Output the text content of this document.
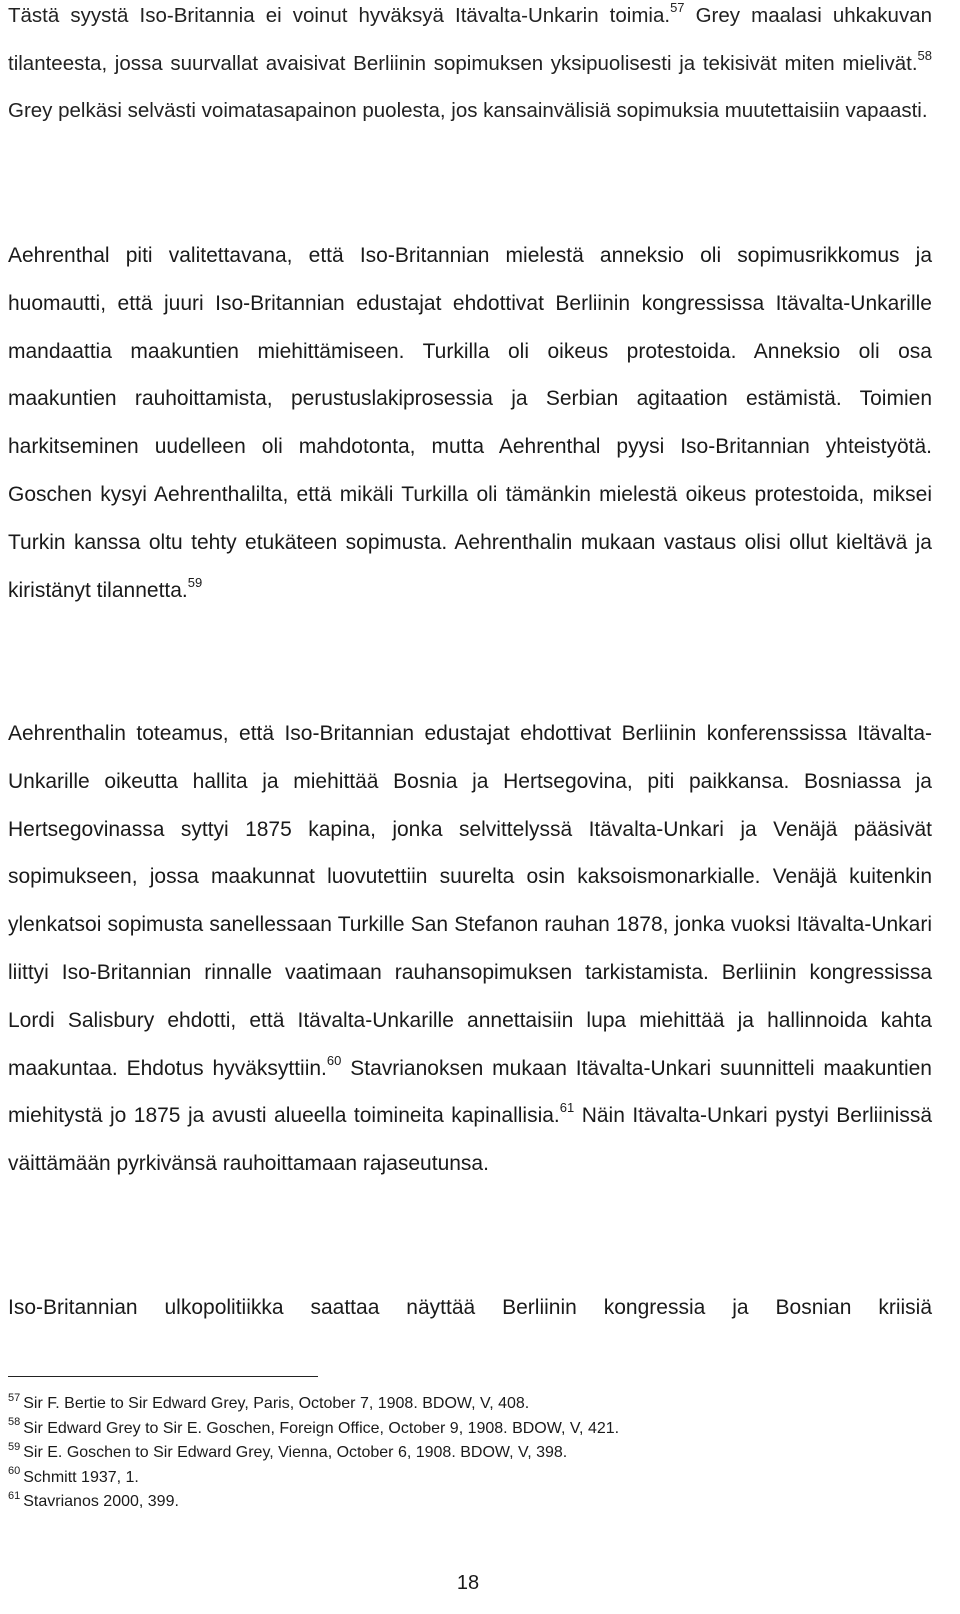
Tästä syystä Iso-Britannia ei voinut hyväksyä Itävalta-Unkarin toimia.$^{57}$ Grey maalasi uhkakuvan tilanteesta, jossa suurvallat avaisivat Berliinin sopimuksen yksipuolisesti ja tekisivät miten mielivät.$^{58}$ Grey pelkäsi selvästi voimatasapainon puolesta, jos kansainvälisiä sopimuksia muutettaisiin vapaasti.

Aehrenthal piti valitettavana, että Iso-Britannian mielestä anneksio oli sopimusrikkomus ja huomautti, että juuri Iso-Britannian edustajat ehdottivat Berliinin kongressissa Itävalta-Unkarille mandaattia maakuntien miehittämiseen. Turkilla oli oikeus protestoida. Anneksio oli osa maakuntien rauhoittamista, perustuslakiprosessia ja Serbian agitaation estämistä. Toimien harkitseminen uudelleen oli mahdotonta, mutta Aehrenthal pyysi Iso-Britannian yhteistyötä. Goschen kysyi Aehrenthalilta, että mikäli Turkilla oli tämänkin mielestä oikeus protestoida, miksei Turkin kanssa oltu tehty etukäteen sopimusta. Aehrenthalin mukaan vastaus olisi ollut kieltävä ja kiristänyt tilannetta.$^{59}$

Aehrenthalin toteamus, että Iso-Britannian edustajat ehdottivat Berliinin konferenssissa Itävalta-Unkarille oikeutta hallita ja miehittää Bosnia ja Hertsegovina, piti paikkansa. Bosniassa ja Hertsegovinassa syttyi 1875 kapina, jonka selvittelyssä Itävalta-Unkari ja Venäjä pääsivät sopimukseen, jossa maakunnat luovutettiin suurelta osin kaksoismonarkialle. Venäjä kuitenkin ylenkatsoi sopimusta sanellessaan Turkille San Stefanon rauhan 1878, jonka vuoksi Itävalta-Unkari liittyi Iso-Britannian rinnalle vaatimaan rauhansopimuksen tarkistamista. Berliinin kongressissa Lordi Salisbury ehdotti, että Itävalta-Unkarille annettaisiin lupa miehittää ja hallinnoida kahta maakuntaa. Ehdotus hyväksyttiin.$^{60}$ Stavrianoksen mukaan Itävalta-Unkari suunnitteli maakuntien miehitystä jo 1875 ja avusti alueella toimineita kapinallisia.$^{61}$ Näin Itävalta-Unkari pystyi Berliinissä väittämään pyrkivänsä rauhoittamaan rajaseutunsa.

Iso-Britannian ulkopolitiikka saattaa näyttää Berliinin kongressia ja Bosnian kriisiä

$^{57}$ Sir F. Bertie to Sir Edward Grey, Paris, October 7, 1908. BDOW, V, 408.
$^{58}$ Sir Edward Grey to Sir E. Goschen, Foreign Office, October 9, 1908. BDOW, V, 421.
$^{59}$ Sir E. Goschen to Sir Edward Grey, Vienna, October 6, 1908. BDOW, V, 398.
$^{60}$ Schmitt 1937, 1.
$^{61}$ Stavrianos 2000, 399.
18
